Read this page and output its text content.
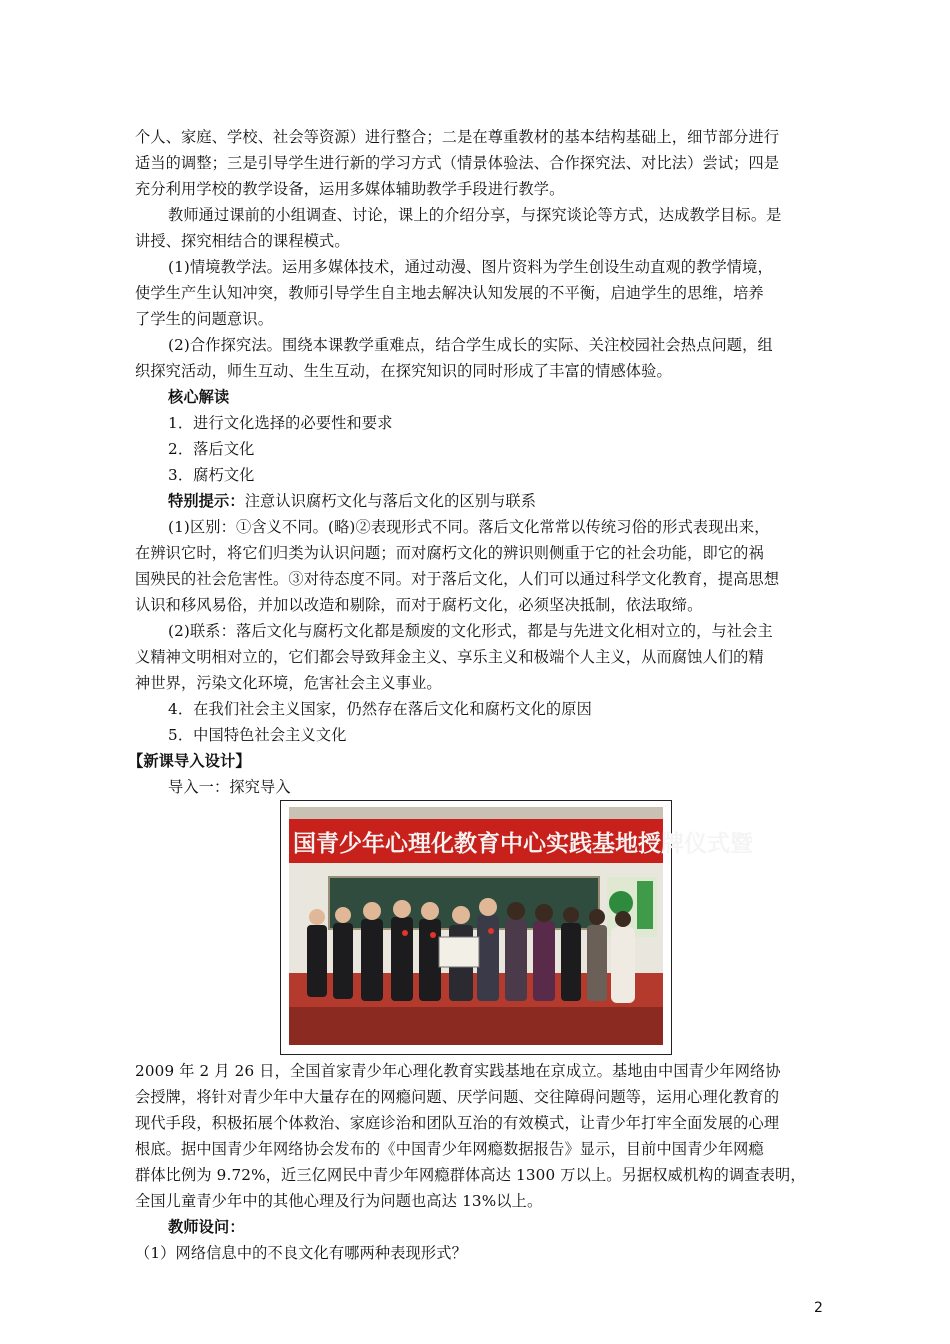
个人、家庭、学校、社会等资源）进行整合；二是在尊重教材的基本结构基础上，细节部分进行
适当的调整；三是引导学生进行新的学习方式（情景体验法、合作探究法、对比法）尝试；四是
充分利用学校的教学设备，运用多媒体辅助教学手段进行教学。
教师通过课前的小组调查、讨论，课上的介绍分享，与探究谈论等方式，达成教学目标。是
讲授、探究相结合的课程模式。
(1)情境教学法。运用多媒体技术，通过动漫、图片资料为学生创设生动直观的教学情境，
使学生产生认知冲突，教师引导学生自主地去解决认知发展的不平衡，启迪学生的思维，培养
了学生的问题意识。
(2)合作探究法。围绕本课教学重难点，结合学生成长的实际、关注校园社会热点问题，组
织探究活动，师生互动、生生互动，在探究知识的同时形成了丰富的情感体验。
核心解读
1．进行文化选择的必要性和要求
2．落后文化
3．腐朽文化
特别提示：注意认识腐朽文化与落后文化的区别与联系
(1)区别：①含义不同。(略)②表现形式不同。落后文化常常以传统习俗的形式表现出来，
在辨识它时，将它们归类为认识问题；而对腐朽文化的辨识则侧重于它的社会功能，即它的祸
国殃民的社会危害性。③对待态度不同。对于落后文化，人们可以通过科学文化教育，提高思想
认识和移风易俗，并加以改造和剔除，而对于腐朽文化，必须坚决抵制，依法取缔。
(2)联系：落后文化与腐朽文化都是颓废的文化形式，都是与先进文化相对立的，与社会主
义精神文明相对立的，它们都会导致拜金主义、享乐主义和极端个人主义，从而腐蚀人们的精
神世界，污染文化环境，危害社会主义事业。
4．在我们社会主义国家，仍然存在落后文化和腐朽文化的原因
5．中国特色社会主义文化
【新课导入设计】
导入一：探究导入
国青少年心理化教育中心实践基地授牌仪式暨
2009 年 2 月 26 日，全国首家青少年心理化教育实践基地在京成立。基地由中国青少年网络协
会授牌，将针对青少年中大量存在的网瘾问题、厌学问题、交往障碍问题等，运用心理化教育的
现代手段，积极拓展个体救治、家庭诊治和团队互治的有效模式，让青少年打牢全面发展的心理
根底。据中国青少年网络协会发布的《中国青少年网瘾数据报告》显示，目前中国青少年网瘾
群体比例为 9.72%，近三亿网民中青少年网瘾群体高达 1300 万以上。另据权威机构的调查表明，
全国儿童青少年中的其他心理及行为问题也高达 13%以上。
教师设问：
（1）网络信息中的不良文化有哪两种表现形式？
2
